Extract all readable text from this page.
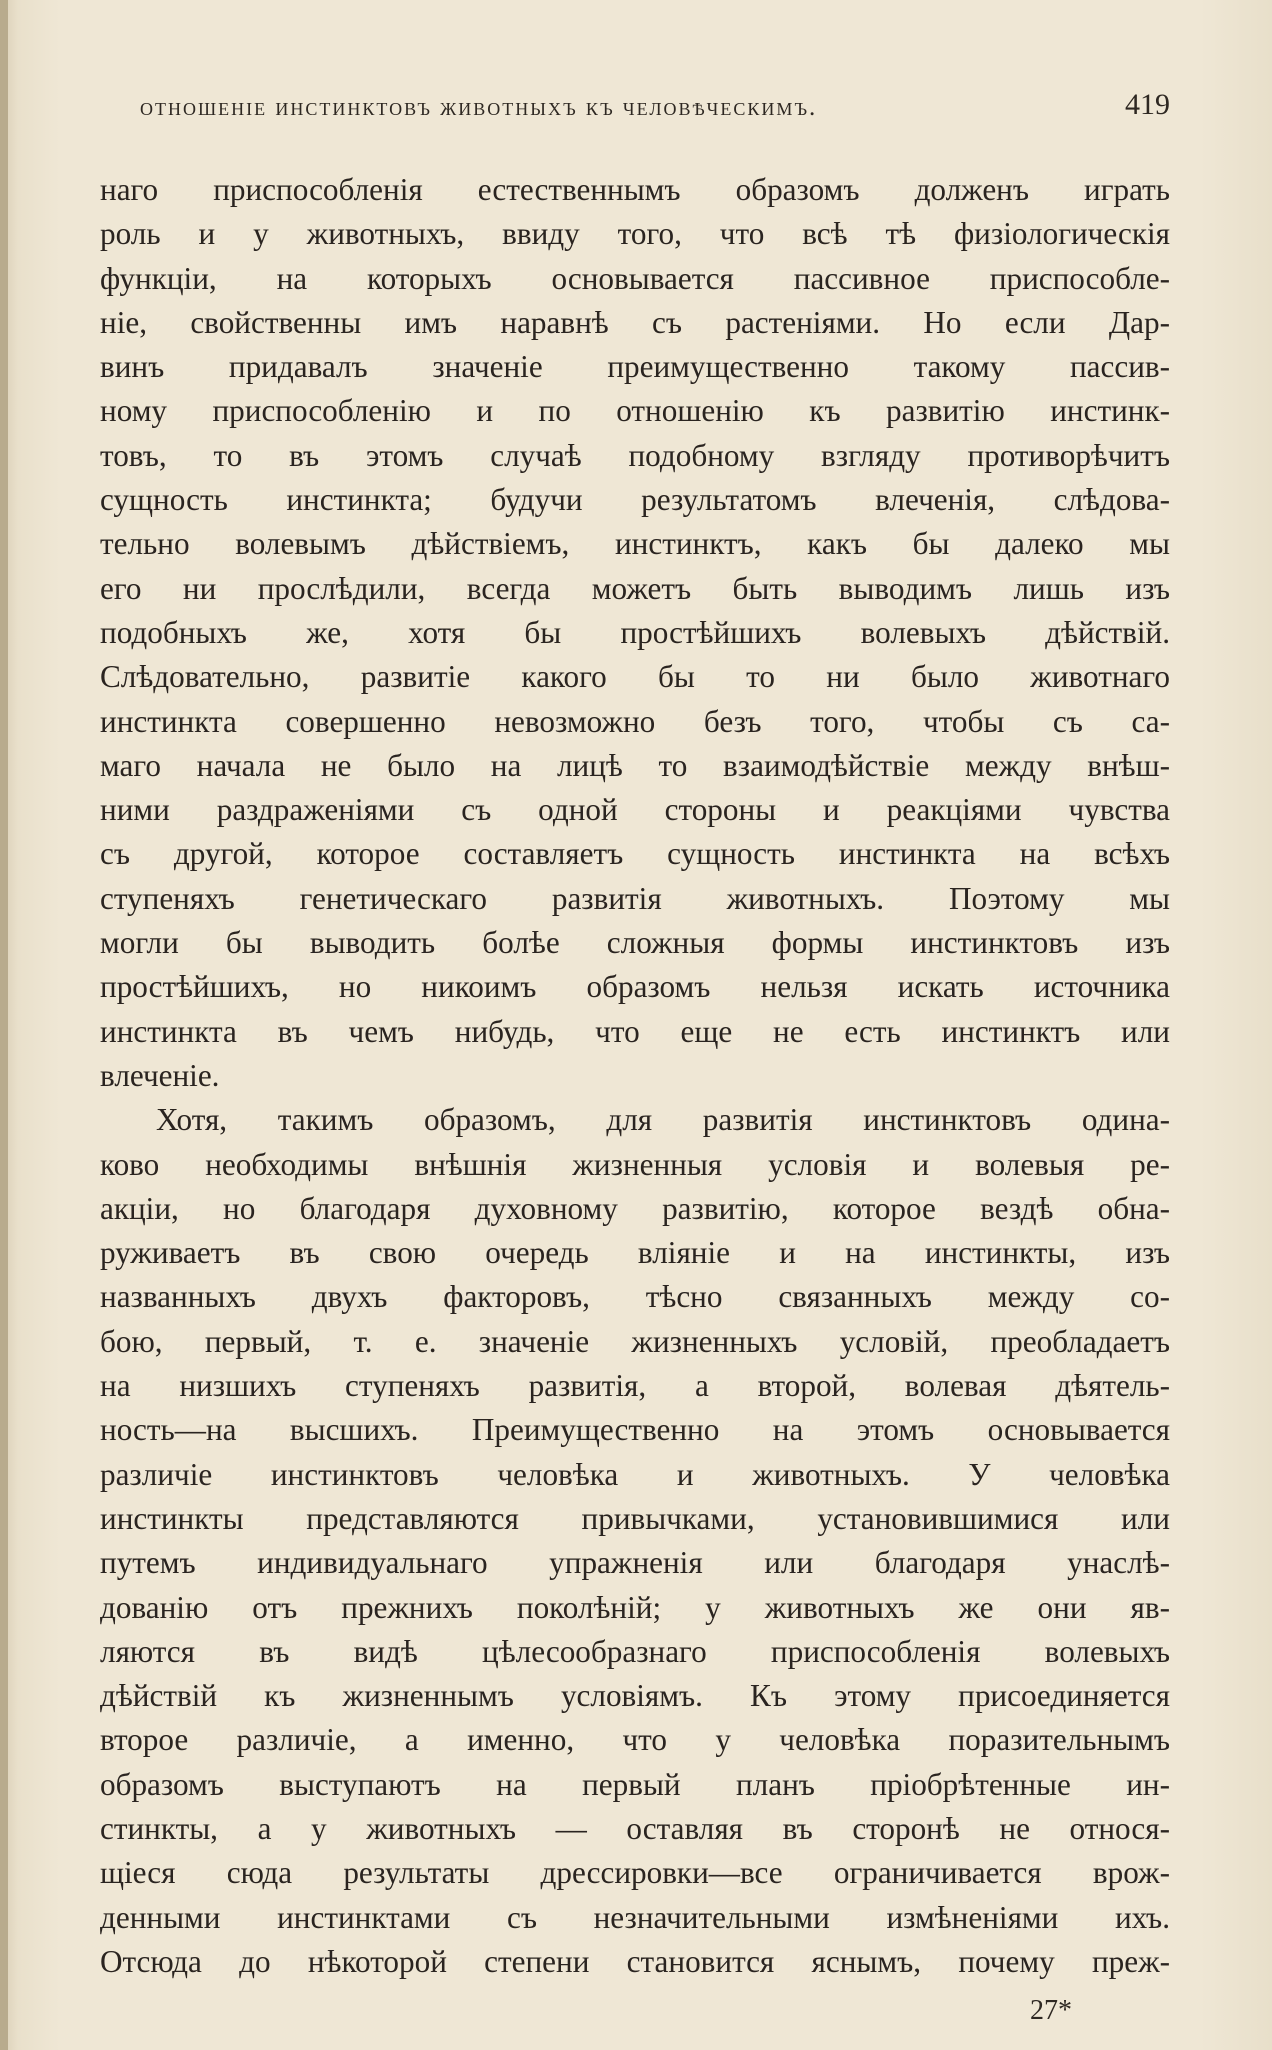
отношеніе инстинктовъ животныхъ къ человѣческимъ.	419
наго приспособленія естественнымъ образомъ долженъ играть
роль и у животныхъ, ввиду того, что всѣ тѣ физіологическія
функціи, на которыхъ основывается пассивное приспособле-
ніе, свойственны имъ наравнѣ съ растеніями. Но если Дар-
винъ придавалъ значеніе преимущественно такому пассив-
ному приспособленію и по отношенію къ развитію инстинк-
товъ, то въ этомъ случаѣ подобному взгляду противорѣчитъ
сущность инстинкта; будучи результатомъ влеченія, слѣдова-
тельно волевымъ дѣйствіемъ, инстинктъ, какъ бы далеко мы
его ни прослѣдили, всегда можетъ быть выводимъ лишь изъ
подобныхъ же, хотя бы простѣйшихъ волевыхъ дѣйствій.
Слѣдовательно, развитіе какого бы то ни было животнаго
инстинкта совершенно невозможно безъ того, чтобы съ са-
маго начала не было на лицѣ то взаимодѣйствіе между внѣш-
ними раздраженіями съ одной стороны и реакціями чувства
съ другой, которое составляетъ сущность инстинкта на всѣхъ
ступеняхъ генетическаго развитія животныхъ. Поэтому мы
могли бы выводить болѣе сложныя формы инстинктовъ изъ
простѣйшихъ, но никоимъ образомъ нельзя искать источника
инстинкта въ чемъ нибудь, что еще не есть инстинктъ или
влеченіе.
Хотя, такимъ образомъ, для развитія инстинктовъ одина-
ково необходимы внѣшнія жизненныя условія и волевыя ре-
акціи, но благодаря духовному развитію, которое вездѣ обна-
руживаетъ въ свою очередь вліяніе и на инстинкты, изъ
названныхъ двухъ факторовъ, тѣсно связанныхъ между со-
бою, первый, т. е. значеніе жизненныхъ условій, преобладаетъ
на низшихъ ступеняхъ развитія, а второй, волевая дѣятель-
ность—на высшихъ. Преимущественно на этомъ основывается
различіе инстинктовъ человѣка и животныхъ. У человѣка
инстинкты представляются привычками, установившимися или
путемъ индивидуальнаго упражненія или благодаря унаслѣ-
дованію отъ прежнихъ поколѣній; у животныхъ же они яв-
ляются въ видѣ цѣлесообразнаго приспособленія волевыхъ
дѣйствій къ жизненнымъ условіямъ. Къ этому присоединяется
второе различіе, а именно, что у человѣка поразительнымъ
образомъ выступаютъ на первый планъ пріобрѣтенные ин-
стинкты, а у животныхъ — оставляя въ сторонѣ не относя-
щіеся сюда результаты дрессировки—все ограничивается врож-
денными инстинктами съ незначительными измѣненіями ихъ.
Отсюда до нѣкоторой степени становится яснымъ, почему преж-
27*
